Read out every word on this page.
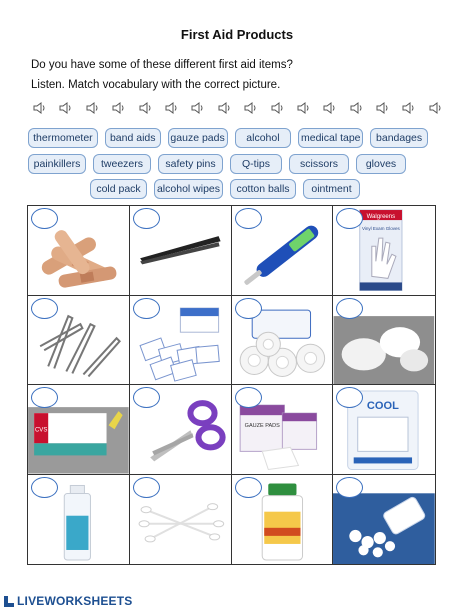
First Aid Products
Do you have some of these different first aid items?
Listen. Match vocabulary with the correct picture.
thermometer	band aids	gauze pads	alcohol	medical tape	bandages
painkillers	tweezers	safety pins	Q-tips	scissors	gloves
cold pack	alcohol wipes	cotton balls	ointment
Walgreens
Vinyl Exam Gloves
CVS
GAUZE PADS
COOL
LIVEWORKSHEETS
